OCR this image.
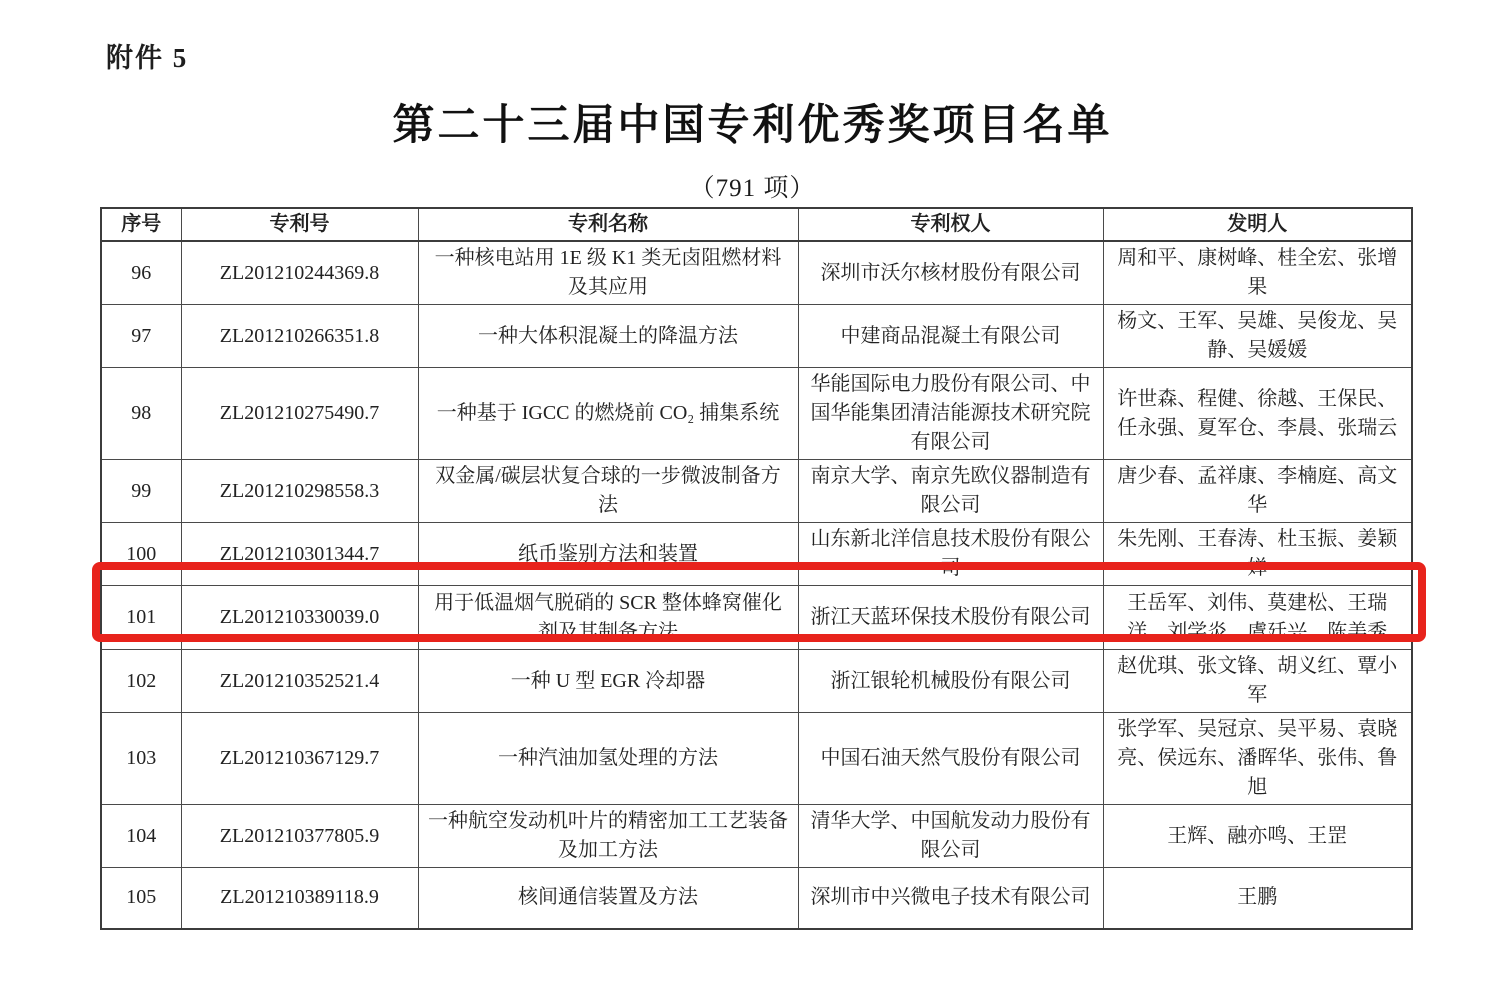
附件 5
第二十三届中国专利优秀奖项目名单
（791 项）
序号	专利号	专利名称	专利权人	发明人
96	ZL201210244369.8	一种核电站用 1E 级 K1 类无卤阻燃材料及其应用	深圳市沃尔核材股份有限公司	周和平、康树峰、桂全宏、张增果
97	ZL201210266351.8	一种大体积混凝土的降温方法	中建商品混凝土有限公司	杨文、王军、吴雄、吴俊龙、吴静、吴媛媛
98	ZL201210275490.7	一种基于 IGCC 的燃烧前 CO₂ 捕集系统	华能国际电力股份有限公司、中国华能集团清洁能源技术研究院有限公司	许世森、程健、徐越、王保民、任永强、夏军仓、李晨、张瑞云
99	ZL201210298558.3	双金属/碳层状复合球的一步微波制备方法	南京大学、南京先欧仪器制造有限公司	唐少春、孟祥康、李楠庭、高文华
100	ZL201210301344.7	纸币鉴别方法和装置	山东新北洋信息技术股份有限公司	朱先刚、王春涛、杜玉振、姜颖婵
101	ZL201210330039.0	用于低温烟气脱硝的 SCR 整体蜂窝催化剂及其制备方法	浙江天蓝环保技术股份有限公司	王岳军、刘伟、莫建松、王瑞洋、刘学炎、虞廷兴、陈美秀
102	ZL201210352521.4	一种 U 型 EGR 冷却器	浙江银轮机械股份有限公司	赵优琪、张文锋、胡义红、覃小军
103	ZL201210367129.7	一种汽油加氢处理的方法	中国石油天然气股份有限公司	张学军、吴冠京、吴平易、袁晓亮、侯远东、潘晖华、张伟、鲁旭
104	ZL201210377805.9	一种航空发动机叶片的精密加工工艺装备及加工方法	清华大学、中国航发动力股份有限公司	王辉、融亦鸣、王罡
105	ZL201210389118.9	核间通信装置及方法	深圳市中兴微电子技术有限公司	王鹏
